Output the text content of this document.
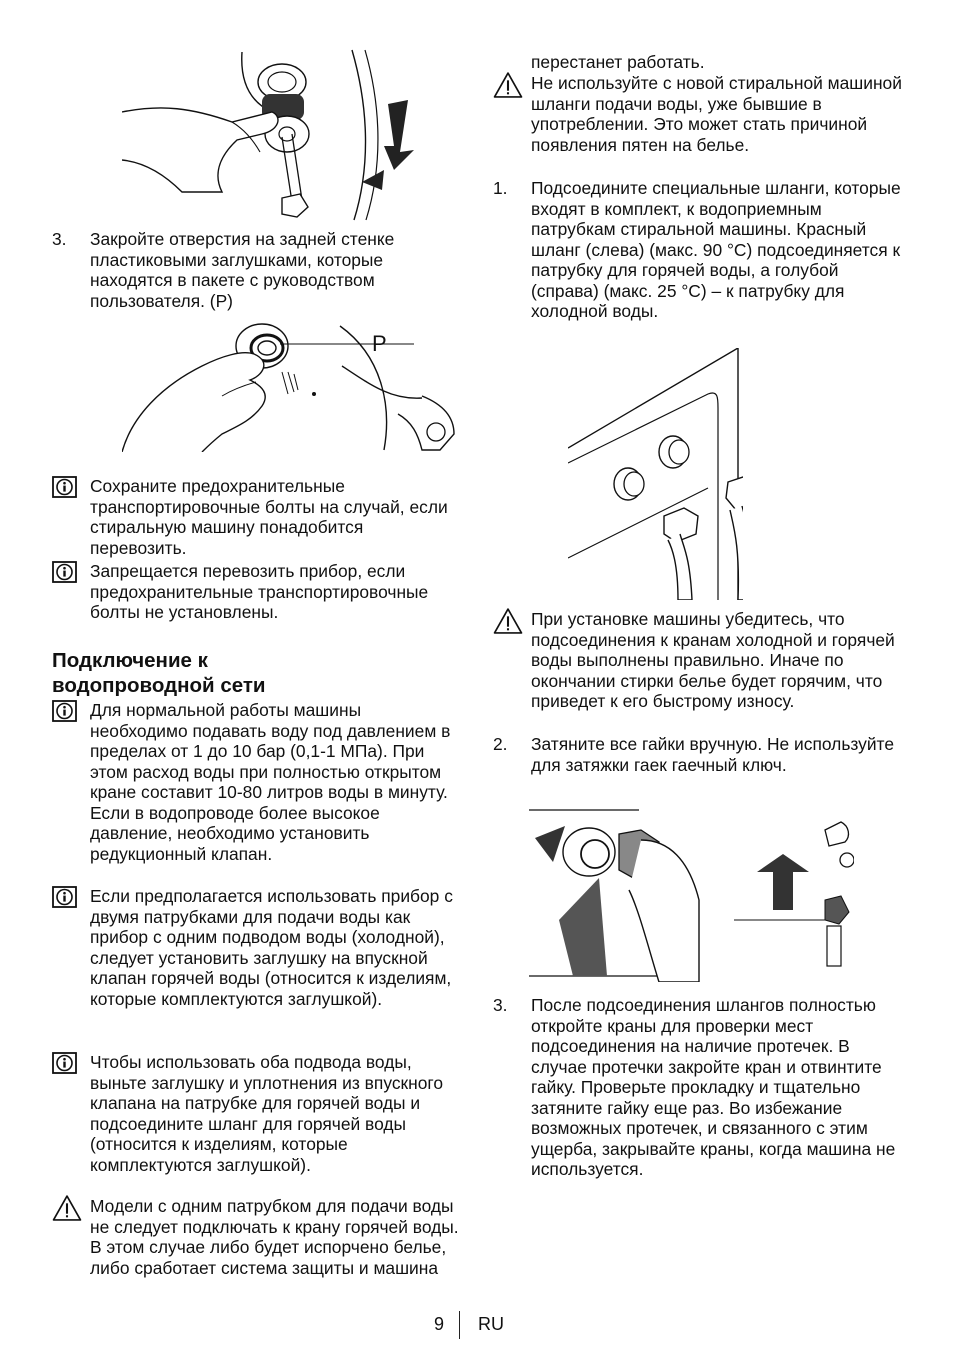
3.	Закройте отверстия на задней стенке пластиковыми заглушками, которые находятся в пакете с руководством пользователя. (P)
P
Сохраните предохранительные транспортировочные болты на случай, если стиральную машину понадобится перевозить.
Запрещается перевозить прибор, если предохранительные транспортировочные болты не установлены.
Подключение к водопроводной сети
Для нормальной работы машины необходимо подавать воду под давлением в пределах от 1 до 10 бар (0,1-1 МПа). При этом расход воды при полностью открытом кране составит 10-80 литров воды в минуту. Если в водопроводе более высокое давление, необходимо установить редукционный клапан.
Если предполагается использовать прибор с двумя патрубками для подачи воды как прибор с одним подводом воды (холодной), следует установить заглушку на впускной клапан горячей воды (относится к изделиям, которые комплектуются заглушкой).
Чтобы использовать оба подвода воды, выньте заглушку и уплотнения из впускного клапана на патрубке для горячей воды и подсоедините шланг для горячей воды (относится к изделиям, которые комплектуются заглушкой).
Модели с одним патрубком для подачи воды не следует подключать к крану горячей воды. В этом случае либо будет испорчено белье, либо сработает система защиты и машина
перестанет работать.
Не используйте с новой стиральной машиной шланги подачи воды, уже бывшие в употреблении. Это может стать причиной появления пятен на белье.
1.	Подсоедините специальные шланги, которые входят в комплект, к водоприемным патрубкам стиральной машины. Красный шланг (слева) (макс. 90 °С) подсоединяется к патрубку для горячей воды, а голубой (справа) (макс. 25 °С) – к патрубку для холодной воды.
При установке машины убедитесь, что подсоединения к кранам холодной и горячей воды выполнены правильно. Иначе по окончании стирки белье будет горячим, что приведет к его быстрому износу.
2.	Затяните все гайки вручную. Не используйте для затяжки гаек гаечный ключ.
3.	После подсоединения шлангов полностью откройте краны для проверки мест подсоединения на наличие протечек. В случае протечки закройте кран и отвинтите гайку. Проверьте прокладку и тщательно затяните гайку еще раз. Во избежание возможных протечек, и связанного с этим ущерба, закрывайте краны, когда машина не используется.
9 RU
